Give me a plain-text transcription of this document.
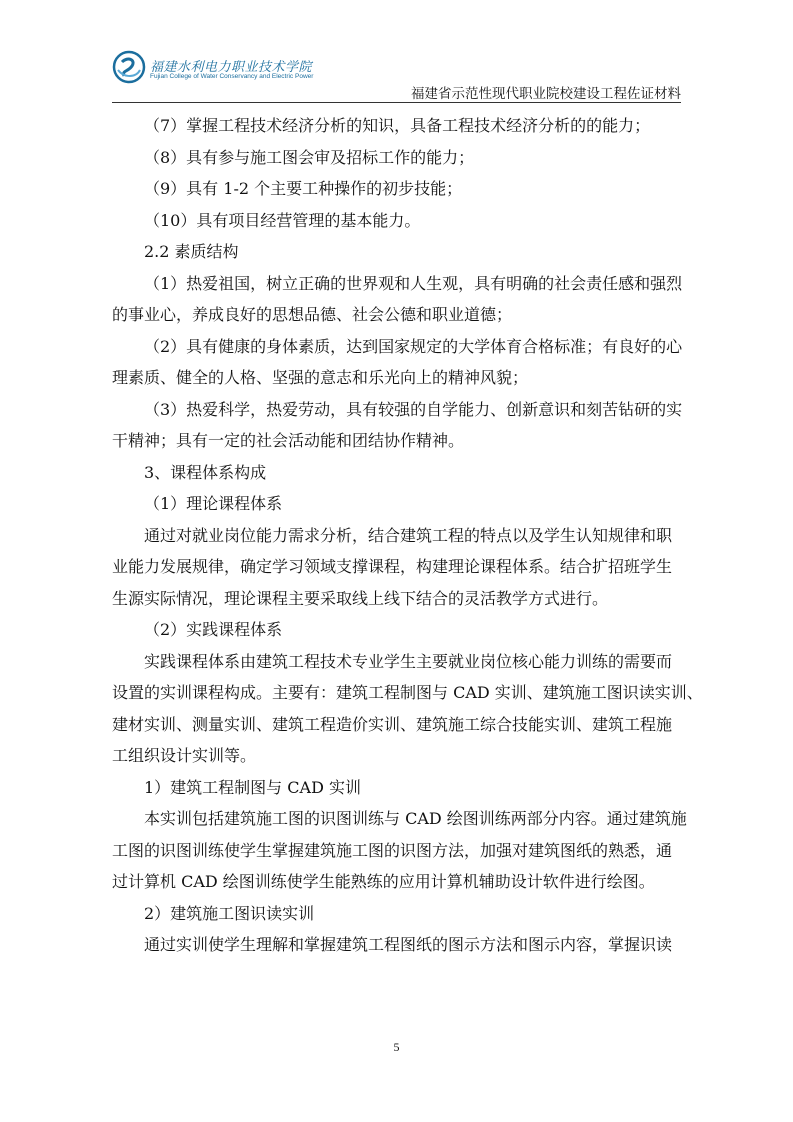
福建水利电力职业技术学院
Fujian College of Water Conservancy and Electric Power
福建省示范性现代职业院校建设工程佐证材料

（7）掌握工程技术经济分析的知识，具备工程技术经济分析的的能力；

（8）具有参与施工图会审及招标工作的能力；

（9）具有 1-2 个主要工种操作的初步技能；

（10）具有项目经营管理的基本能力。

2.2 素质结构

（1）热爱祖国，树立正确的世界观和人生观，具有明确的社会责任感和强烈

的事业心，养成良好的思想品德、社会公德和职业道德；

（2）具有健康的身体素质，达到国家规定的大学体育合格标准；有良好的心

理素质、健全的人格、坚强的意志和乐光向上的精神风貌；

（3）热爱科学，热爱劳动，具有较强的自学能力、创新意识和刻苦钻研的实

干精神；具有一定的社会活动能和团结协作精神。

3、课程体系构成

（1）理论课程体系

通过对就业岗位能力需求分析，结合建筑工程的特点以及学生认知规律和职

业能力发展规律，确定学习领域支撑课程，构建理论课程体系。结合扩招班学生

生源实际情况，理论课程主要采取线上线下结合的灵活教学方式进行。

（2）实践课程体系

实践课程体系由建筑工程技术专业学生主要就业岗位核心能力训练的需要而

设置的实训课程构成。主要有：建筑工程制图与 CAD 实训、建筑施工图识读实训、

建材实训、测量实训、建筑工程造价实训、建筑施工综合技能实训、建筑工程施

工组织设计实训等。

1）建筑工程制图与 CAD 实训

本实训包括建筑施工图的识图训练与 CAD 绘图训练两部分内容。通过建筑施

工图的识图训练使学生掌握建筑施工图的识图方法，加强对建筑图纸的熟悉，通

过计算机 CAD 绘图训练使学生能熟练的应用计算机辅助设计软件进行绘图。

2）建筑施工图识读实训

通过实训使学生理解和掌握建筑工程图纸的图示方法和图示内容，掌握识读

5
